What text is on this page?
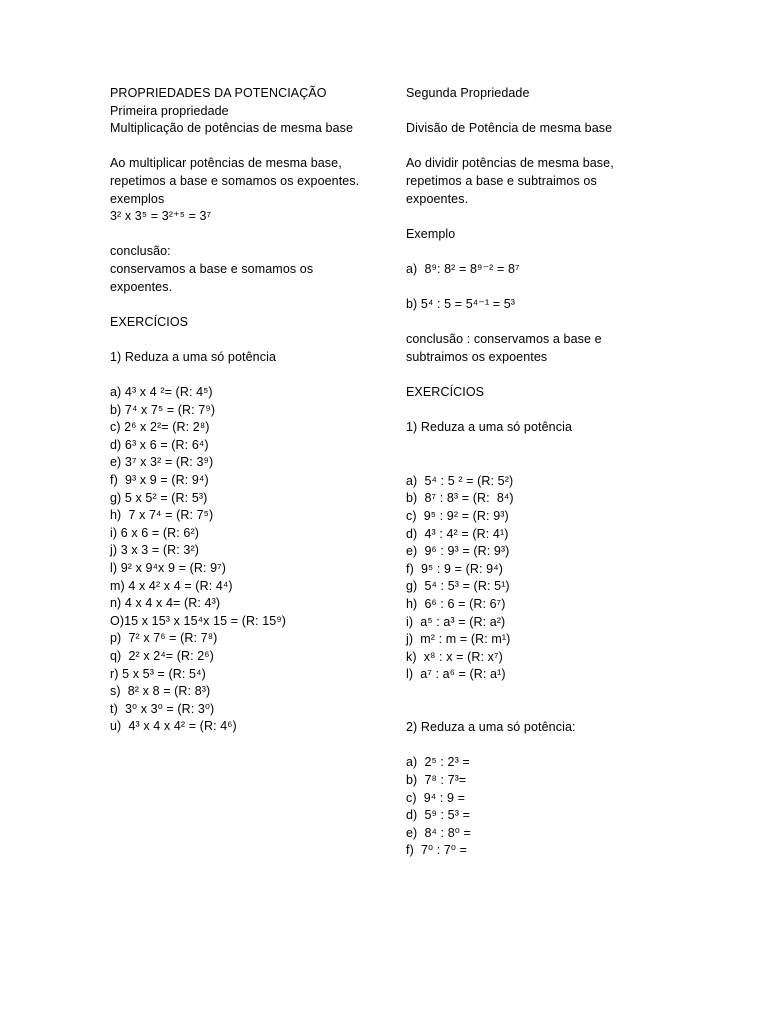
PROPRIEDADES DA POTENCIAÇÃO
Primeira propriedade
Multiplicação de potências de mesma base
Ao multiplicar potências de mesma base,
repetimos a base e somamos os expoentes.
exemplos
3² x 3⁵ = 3²⁺⁵ = 3⁷
conclusão:
conservamos a base e somamos os
expoentes.
EXERCÍCIOS
1) Reduza a uma só potência
a) 4³ x 4 ²= (R: 4⁵)
b) 7⁴ x 7⁵ = (R: 7⁹)
c) 2⁶ x 2²= (R: 2⁸)
d) 6³ x 6 = (R: 6⁴)
e) 3⁷ x 3² = (R: 3⁹)
f)  9³ x 9 = (R: 9⁴)
g) 5 x 5² = (R: 5³)
h)  7 x 7⁴ = (R: 7⁵)
i) 6 x 6 = (R: 6²)
j) 3 x 3 = (R: 3²)
l) 9² x 9⁴x 9 = (R: 9⁷)
m) 4 x 4² x 4 = (R: 4⁴)
n) 4 x 4 x 4= (R: 4³)
O)15 x 15³ x 15⁴x 15 = (R: 15⁹)
p)  7² x 7⁶ = (R: 7⁸)
q)  2² x 2⁴= (R: 2⁶)
r) 5 x 5³ = (R: 5⁴)
s)  8² x 8 = (R: 8³)
t)  3⁰ x 3⁰ = (R: 3⁰)
u)  4³ x 4 x 4² = (R: 4⁶)
Segunda Propriedade
Divisão de Potência de mesma base
Ao dividir potências de mesma base,
repetimos a base e subtraimos os
expoentes.
Exemplo
a)  8⁹: 8² = 8⁹⁻² = 8⁷
b) 5⁴ : 5 = 5⁴⁻¹ = 5³
conclusão : conservamos a base e
subtraimos os expoentes
EXERCÍCIOS
1) Reduza a uma só potência
a)  5⁴ : 5 ² = (R: 5²)
b)  8⁷ : 8³ = (R:  8⁴)
c)  9⁵ : 9² = (R: 9³)
d)  4³ : 4² = (R: 4¹)
e)  9⁶ : 9³ = (R: 9³)
f)  9⁵ : 9 = (R: 9⁴)
g)  5⁴ : 5³ = (R: 5¹)
h)  6⁶ : 6 = (R: 6⁷)
i)  a⁵ : a³ = (R: a²)
j)  m² : m = (R: m¹)
k)  x⁸ : x = (R: x⁷)
l)  a⁷ : a⁶ = (R: a¹)
2) Reduza a uma só potência:
a)  2⁵ : 2³ =
b)  7⁸ : 7³=
c)  9⁴ : 9 =
d)  5⁹ : 5³ =
e)  8⁴ : 8⁰ =
f)  7⁰ : 7⁰ =
